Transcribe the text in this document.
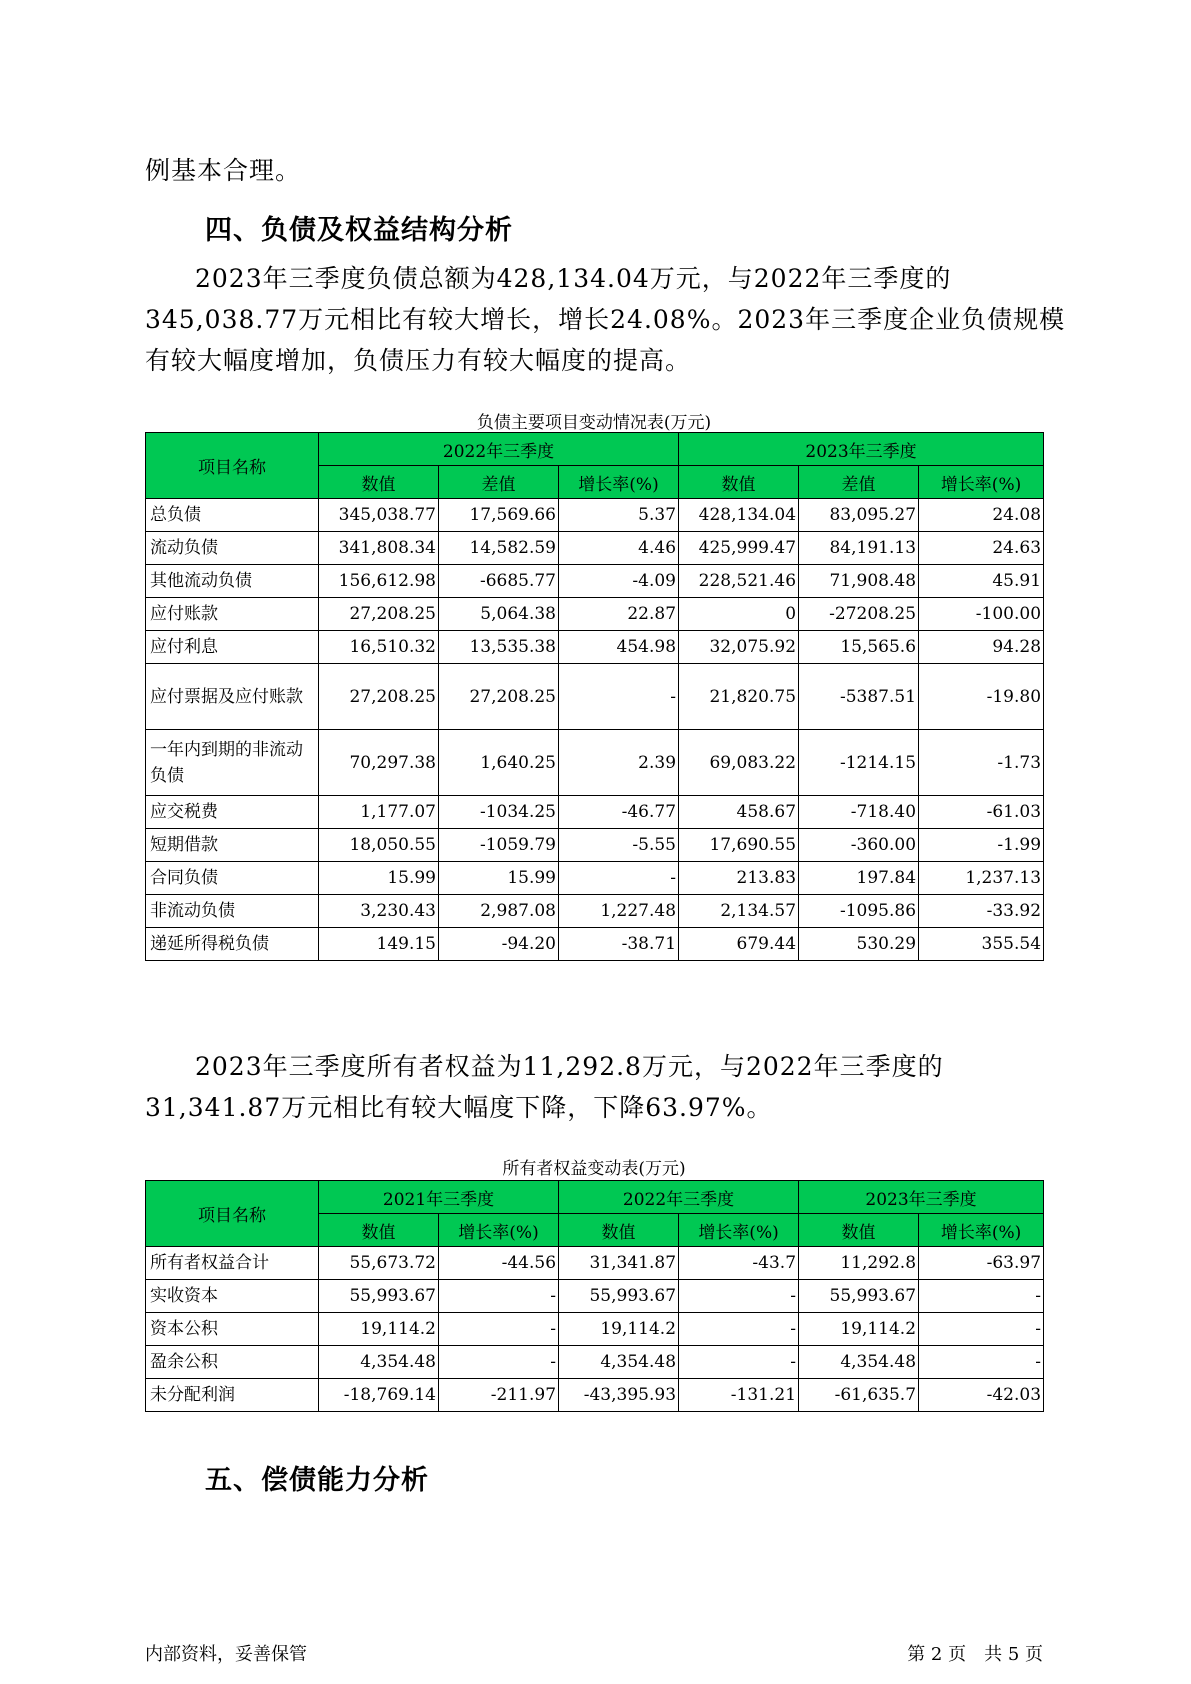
例基本合理。

四、负债及权益结构分析

2023年三季度负债总额为428,134.04万元，与2022年三季度的345,038.77万元相比有较大增长，增长24.08%。2023年三季度企业负债规模有较大幅度增加，负债压力有较大幅度的提高。

负债主要项目变动情况表(万元)

项目名称	2022年三季度			2023年三季度		
	数值	差值	增长率(%)	数值	差值	增长率(%)
总负债	345,038.77	17,569.66	5.37	428,134.04	83,095.27	24.08
流动负债	341,808.34	14,582.59	4.46	425,999.47	84,191.13	24.63
其他流动负债	156,612.98	-6685.77	-4.09	228,521.46	71,908.48	45.91
应付账款	27,208.25	5,064.38	22.87	0	-27208.25	-100.00
应付利息	16,510.32	13,535.38	454.98	32,075.92	15,565.6	94.28
应付票据及应付账款	27,208.25	27,208.25	-	21,820.75	-5387.51	-19.80
一年内到期的非流动负债	70,297.38	1,640.25	2.39	69,083.22	-1214.15	-1.73
应交税费	1,177.07	-1034.25	-46.77	458.67	-718.40	-61.03
短期借款	18,050.55	-1059.79	-5.55	17,690.55	-360.00	-1.99
合同负债	15.99	15.99	-	213.83	197.84	1,237.13
非流动负债	3,230.43	2,987.08	1,227.48	2,134.57	-1095.86	-33.92
递延所得税负债	149.15	-94.20	-38.71	679.44	530.29	355.54

2023年三季度所有者权益为11,292.8万元，与2022年三季度的31,341.87万元相比有较大幅度下降，下降63.97%。

所有者权益变动表(万元)

项目名称	2021年三季度		2022年三季度		2023年三季度	
	数值	增长率(%)	数值	增长率(%)	数值	增长率(%)
所有者权益合计	55,673.72	-44.56	31,341.87	-43.7	11,292.8	-63.97
实收资本	55,993.67	-	55,993.67	-	55,993.67	-
资本公积	19,114.2	-	19,114.2	-	19,114.2	-
盈余公积	4,354.48	-	4,354.48	-	4,354.48	-
未分配利润	-18,769.14	-211.97	-43,395.93	-131.21	-61,635.7	-42.03
五、偿债能力分析

内部资料，妥善保管	第 2 页　共 5 页
